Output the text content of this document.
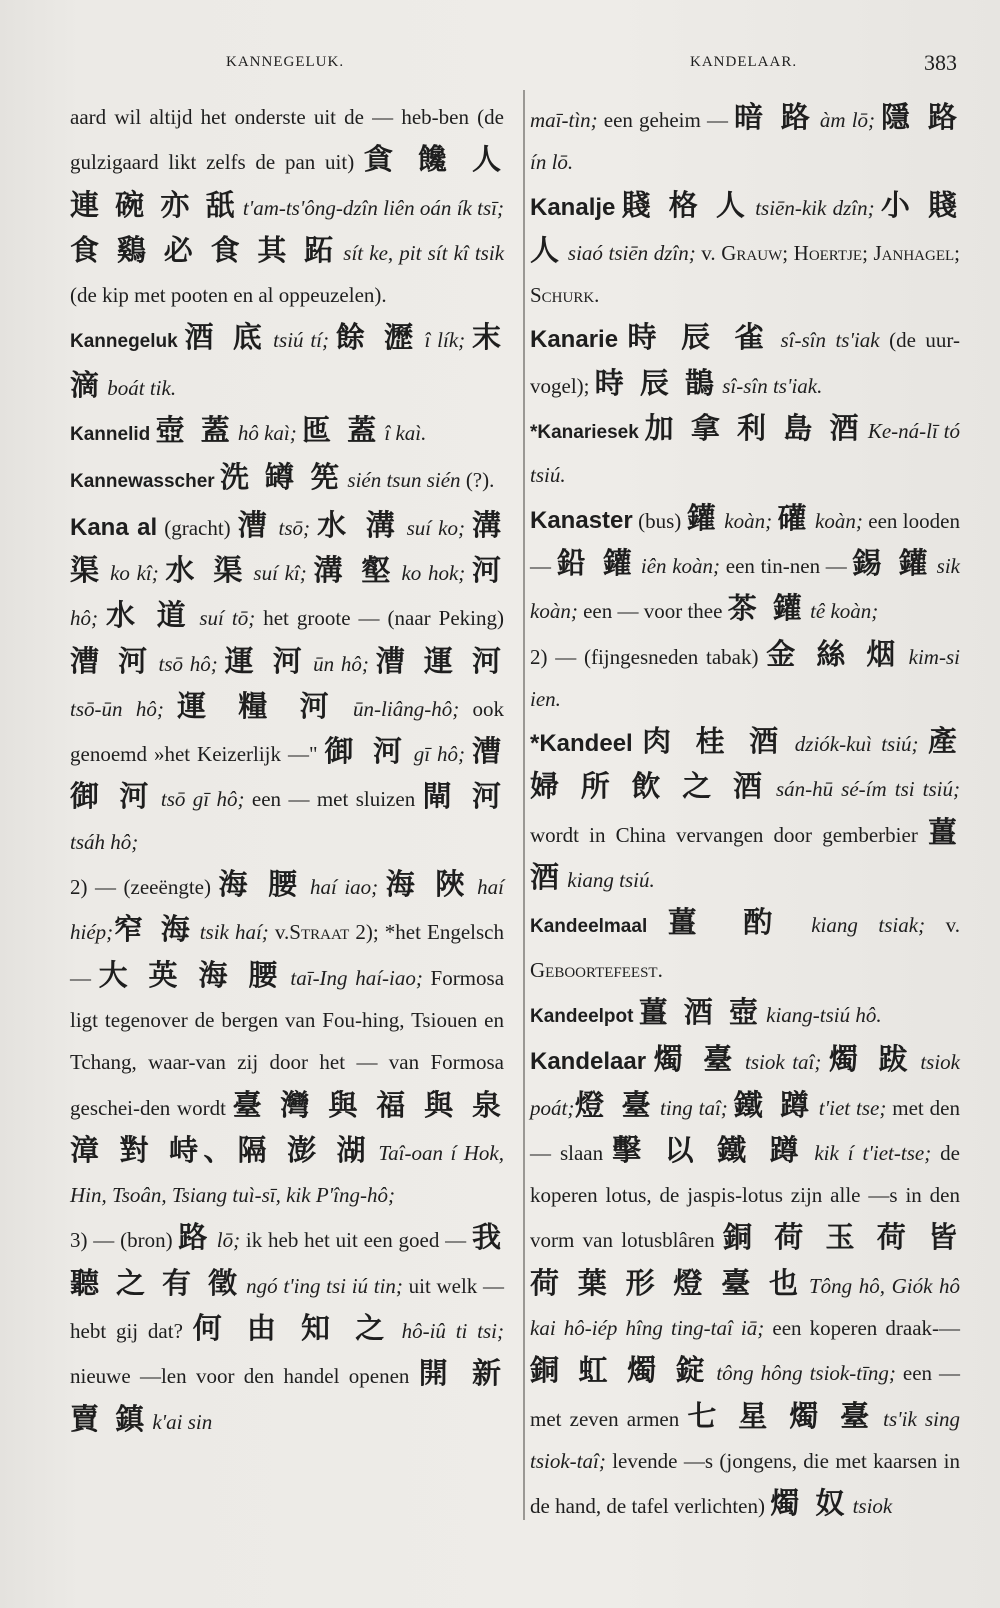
KANNEGELUK.	KANDELAAR.	383

aard wil altijd het onderste uit de — heb-ben (de gulzigaard likt zelfs de pan uit) 貪 饞 人 連 碗 亦 舐 t'am-ts'ông-dzîn liên oán ík tsī; 食 鷄 必 食 其 跖 sít ke, pit sít kî tsik (de kip met pooten en al oppeuzelen).

Kannegeluk 酒 底 tsiú tí; 餘 瀝 î lík; 末 滴 boát tik.

Kannelid 壺 蓋 hô kaì; 匜 蓋 î kaì.

Kannewasscher 洗 罇 筅 sién tsun sién (?).

Kana al (gracht) 漕 tsō; 水 溝 suí ko; 溝 渠 ko kî; 水 渠 suí kî; 溝 壑 ko hok; 河 hô; 水 道 suí tō; het groote — (naar Peking) 漕 河 tsō hô; 運 河 ūn hô; 漕 運 河 tsō-ūn hô; 運 糧 河 ūn-liâng-hô; ook genoemd »het Keizerlijk —" 御 河 gī hô; 漕 御 河 tsō gī hô; een — met sluizen 閘 河 tsáh hô;

2) — (zeeëngte) 海 腰 haí iao; 海 陜 haí hiép;窄 海 tsik haí; v.Straat 2); *het Engelsch — 大 英 海 腰 taī-Ing haí-iao; Formosa ligt tegenover de bergen van Fou-hing, Tsiouen en Tchang, waar-van zij door het — van Formosa geschei-den wordt 臺 灣 與 福 與 泉 漳 對 峙、隔 澎 湖 Taî-oan í Hok, Hin, Tsoân, Tsiang tuì-sī, kik P'îng-hô;

3) — (bron) 路 lō; ik heb het uit een goed — 我 聽 之 有 徵 ngó t'ing tsi iú tin; uit welk — hebt gij dat? 何 由 知 之 hô-iû ti tsi; nieuwe —len voor den handel openen 開 新 賣 鎮 k'ai sin

maī-tìn; een geheim — 暗 路 àm lō; 隱 路 ín lō.

Kanalje 賤 格 人 tsiēn-kik dzîn; 小 賤 人 siaó tsiēn dzîn; v. Grauw; Hoertje; Janhagel; Schurk.

Kanarie 時 辰 雀 sî-sîn ts'iak (de uur-vogel); 時 辰 鵲 sî-sîn ts'iak.

*Kanariesek 加 拿 利 島 酒 Ke-ná-lī tó tsiú.

Kanaster (bus) 鑵 koàn; 礶 koàn; een looden — 鉛 鑵 iên koàn; een tin-nen — 錫 鑵 sik koàn; een — voor thee 茶 鑵 tê koàn;

2) — (fijngesneden tabak) 金 絲 烟 kim-si ien.

*Kandeel 肉 桂 酒 dziók-kuì tsiú; 產 婦 所 飲 之 酒 sán-hū sé-ím tsi tsiú; wordt in China vervangen door gemberbier 薑 酒 kiang tsiú.

Kandeelmaal 薑 酌 kiang tsiak; v. Geboortefeest.

Kandeelpot 薑 酒 壺 kiang-tsiú hô.

Kandelaar 燭 臺 tsiok taî; 燭 跋 tsiok poát;燈 臺 ting taî; 鐵 蹲 t'iet tse; met den — slaan 擊 以 鐵 蹲 kik í t'iet-tse; de koperen lotus, de jaspis-lotus zijn alle —s in den vorm van lotusblâren 銅 荷 玉 荷 皆 荷 葉 形 燈 臺 也 Tông hô, Giók hô kai hô-iép hîng ting-taî iā; een koperen draak-— 銅 虹 燭 錠 tông hông tsiok-tīng; een — met zeven armen 七 星 燭 臺 ts'ik sing tsiok-taî; levende —s (jongens, die met kaarsen in de hand, de tafel verlichten) 燭 奴 tsiok
